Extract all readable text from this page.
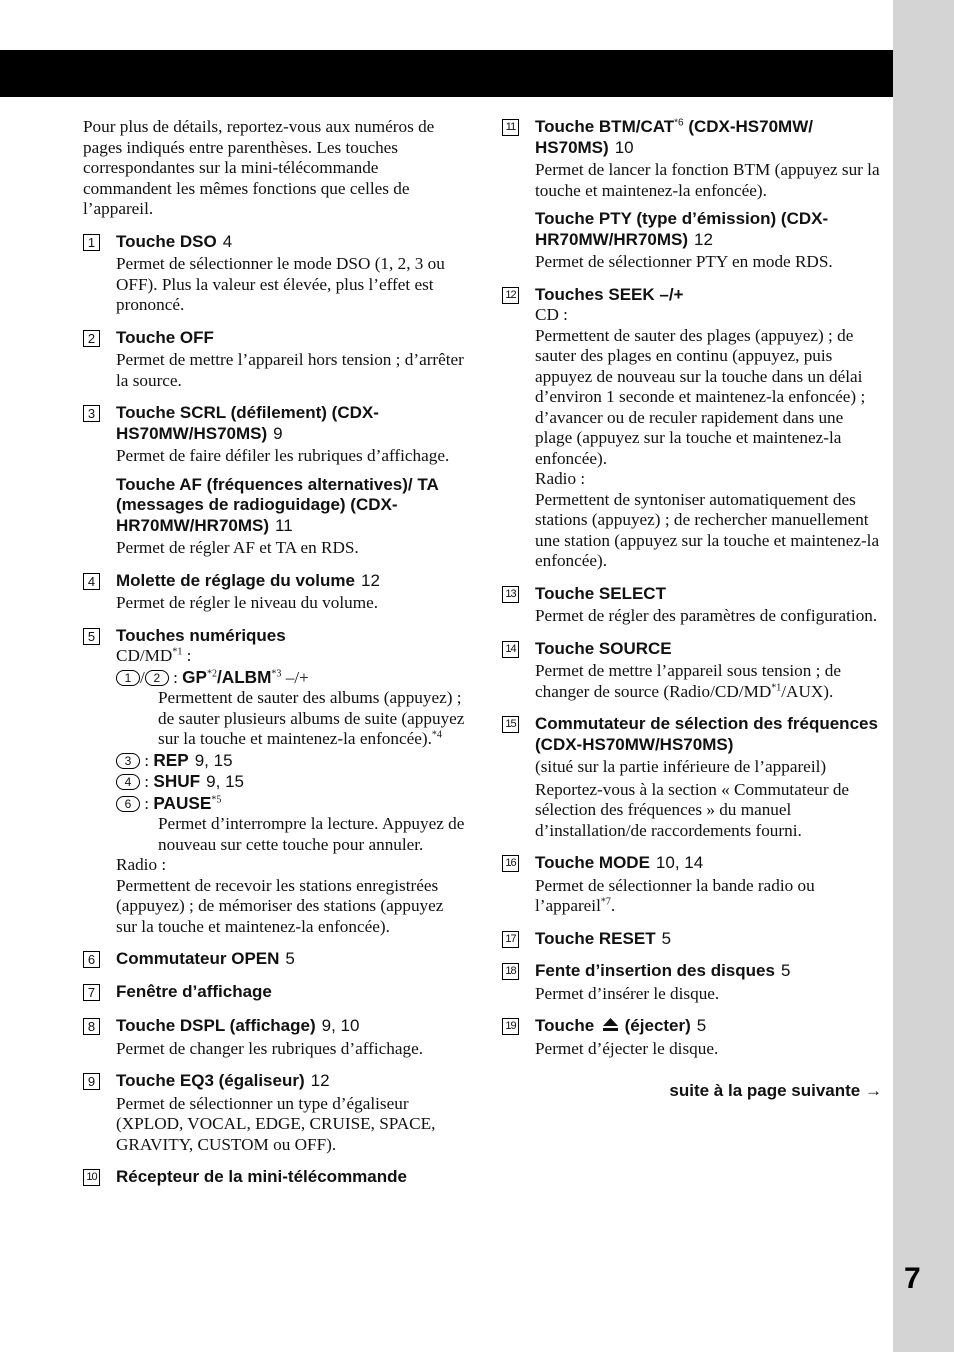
7

Pour plus de détails, reportez-vous aux numéros de pages indiqués entre parenthèses. Les touches correspondantes sur la mini-télécommande commandent les mêmes fonctions que celles de l’appareil.

1 Touche DSO 4
Permet de sélectionner le mode DSO (1, 2, 3 ou OFF). Plus la valeur est élevée, plus l’effet est prononcé.
2 Touche OFF
Permet de mettre l’appareil hors tension ; d’arrêter la source.
3 Touche SCRL (défilement) (CDX-HS70MW/HS70MS) 9
Permet de faire défiler les rubriques d’affichage.
Touche AF (fréquences alternatives)/ TA (messages de radioguidage) (CDX-HR70MW/HR70MS) 11
Permet de régler AF et TA en RDS.
4 Molette de réglage du volume 12
Permet de régler le niveau du volume.
5 Touches numériques
CD/MD$^{*1}$ :
1 / 2 : GP$^{*2}$/ALBM$^{*3}$ –/+
Permettent de sauter des albums (appuyez) ; de sauter plusieurs albums de suite (appuyez sur la touche et maintenez-la enfoncée).$^{*4}$
3 : REP 9, 15
4 : SHUF 9, 15
6 : PAUSE$^{*5}$
Permet d’interrompre la lecture. Appuyez de nouveau sur cette touche pour annuler.
Radio :
Permettent de recevoir les stations enregistrées (appuyez) ; de mémoriser des stations (appuyez sur la touche et maintenez-la enfoncée).
6 Commutateur OPEN 5
7 Fenêtre d’affichage
8 Touche DSPL (affichage) 9, 10
Permet de changer les rubriques d’affichage.
9 Touche EQ3 (égaliseur) 12
Permet de sélectionner un type d’égaliseur (XPLOD, VOCAL, EDGE, CRUISE, SPACE, GRAVITY, CUSTOM ou OFF).
10 Récepteur de la mini-télécommande
11 Touche BTM/CAT$^{*6}$ (CDX-HS70MW/ HS70MS) 10
Permet de lancer la fonction BTM (appuyez sur la touche et maintenez-la enfoncée).
Touche PTY (type d’émission) (CDX-HR70MW/HR70MS) 12
Permet de sélectionner PTY en mode RDS.
12 Touches SEEK –/+
CD :
Permettent de sauter des plages (appuyez) ; de sauter des plages en continu (appuyez, puis appuyez de nouveau sur la touche dans un délai d’environ 1 seconde et maintenez-la enfoncée) ; d’avancer ou de reculer rapidement dans une plage (appuyez sur la touche et maintenez-la enfoncée).
Radio :
Permettent de syntoniser automatiquement des stations (appuyez) ; de rechercher manuellement une station (appuyez sur la touche et maintenez-la enfoncée).
13 Touche SELECT
Permet de régler des paramètres de configuration.
14 Touche SOURCE
Permet de mettre l’appareil sous tension ; de changer de source (Radio/CD/MD$^{*1}$/AUX).
15 Commutateur de sélection des fréquences (CDX-HS70MW/HS70MS)
(situé sur la partie inférieure de l’appareil)
Reportez-vous à la section « Commutateur de sélection des fréquences » du manuel d’installation/de raccordements fourni.
16 Touche MODE 10, 14
Permet de sélectionner la bande radio ou l’appareil$^{*7}$.
17 Touche RESET 5
18 Fente d’insertion des disques 5
Permet d’insérer le disque.
19 Touche  (éjecter) 5
Permet d’éjecter le disque.
suite à la page suivante →
